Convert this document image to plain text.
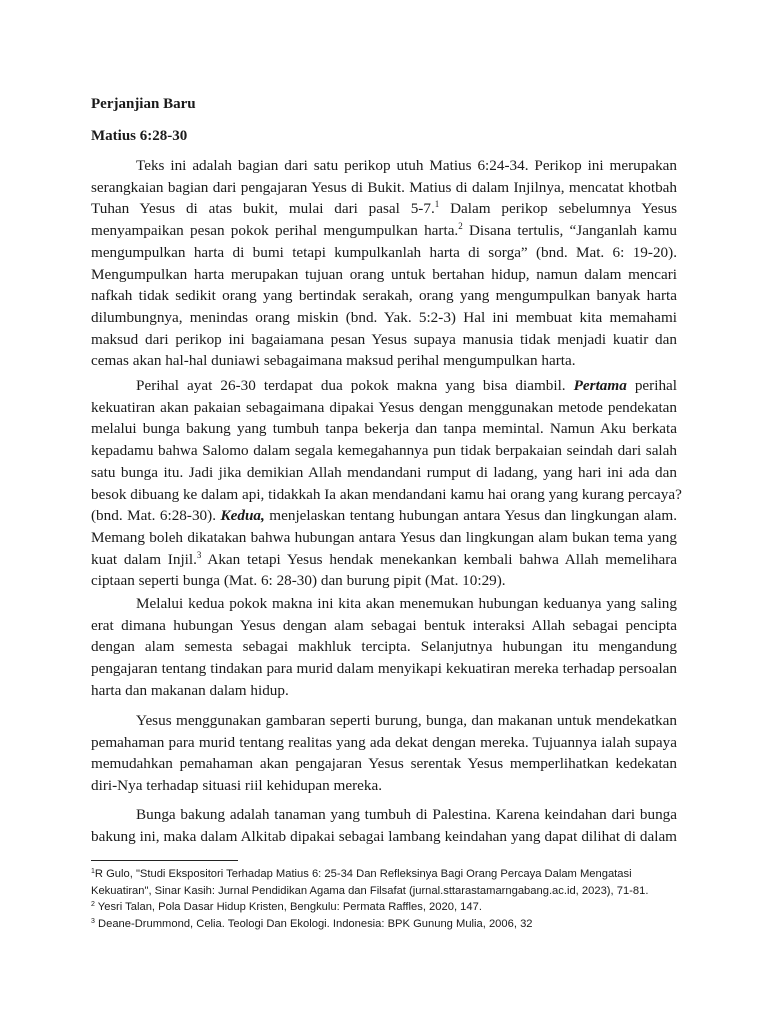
Perjanjian Baru
Matius 6:28-30
Teks ini adalah bagian dari satu perikop utuh Matius 6:24-34. Perikop ini merupakan
serangkaian bagian dari pengajaran Yesus di Bukit. Matius di dalam Injilnya, mencatat khotbah
Tuhan Yesus di atas bukit, mulai dari pasal 5-7.$^1$ Dalam perikop sebelumnya Yesus
menyampaikan pesan pokok perihal mengumpulkan harta.$^2$ Disana tertulis, “Janganlah kamu
mengumpulkan harta di bumi tetapi kumpulkanlah harta di sorga” (bnd. Mat. 6: 19-20).
Mengumpulkan harta merupakan tujuan orang untuk bertahan hidup, namun dalam mencari
nafkah tidak sedikit orang yang bertindak serakah, orang yang mengumpulkan banyak harta
dilumbungnya, menindas orang miskin (bnd. Yak. 5:2-3) Hal ini membuat kita memahami
maksud dari perikop ini bagaiamana pesan Yesus supaya manusia tidak menjadi kuatir dan
cemas akan hal-hal duniawi sebagaimana maksud perihal mengumpulkan harta.
Perihal ayat 26-30 terdapat dua pokok makna yang bisa diambil. Pertama perihal
kekuatiran akan pakaian sebagaimana dipakai Yesus dengan menggunakan metode pendekatan
melalui bunga bakung yang tumbuh tanpa bekerja dan tanpa memintal. Namun Aku berkata
kepadamu bahwa Salomo dalam segala kemegahannya pun tidak berpakaian seindah dari salah
satu bunga itu. Jadi jika demikian Allah mendandani rumput di ladang, yang hari ini ada dan
besok dibuang ke dalam api, tidakkah Ia akan mendandani kamu hai orang yang kurang percaya?
(bnd. Mat. 6:28-30). Kedua, menjelaskan tentang hubungan antara Yesus dan lingkungan alam.
Memang boleh dikatakan bahwa hubungan antara Yesus dan lingkungan alam bukan tema yang
kuat dalam Injil.$^3$ Akan tetapi Yesus hendak menekankan kembali bahwa Allah memelihara
ciptaan seperti bunga (Mat. 6: 28-30) dan burung pipit (Mat. 10:29).
Melalui kedua pokok makna ini kita akan menemukan hubungan keduanya yang saling
erat dimana hubungan Yesus dengan alam sebagai bentuk interaksi Allah sebagai pencipta
dengan alam semesta sebagai makhluk tercipta. Selanjutnya hubungan itu mengandung
pengajaran tentang tindakan para murid dalam menyikapi kekuatiran mereka terhadap persoalan
harta dan makanan dalam hidup.
Yesus menggunakan gambaran seperti burung, bunga, dan makanan untuk mendekatkan
pemahaman para murid tentang realitas yang ada dekat dengan mereka. Tujuannya ialah supaya
memudahkan pemahaman akan pengajaran Yesus serentak Yesus memperlihatkan kedekatan
diri-Nya terhadap situasi riil kehidupan mereka.
Bunga bakung adalah tanaman yang tumbuh di Palestina. Karena keindahan dari bunga
bakung ini, maka dalam Alkitab dipakai sebagai lambang keindahan yang dapat dilihat di dalam
$^1$R Gulo, "Studi Ekspositori Terhadap Matius 6: 25-34 Dan Refleksinya Bagi Orang Percaya Dalam Mengatasi
Kekuatiran", Sinar Kasih: Jurnal Pendidikan Agama dan Filsafat (jurnal.sttarastamarngabang.ac.id, 2023), 71-81.
$^2$ Yesri Talan, Pola Dasar Hidup Kristen, Bengkulu: Permata Raffles, 2020, 147.
$^3$ Deane-Drummond, Celia. Teologi Dan Ekologi. Indonesia: BPK Gunung Mulia, 2006, 32
